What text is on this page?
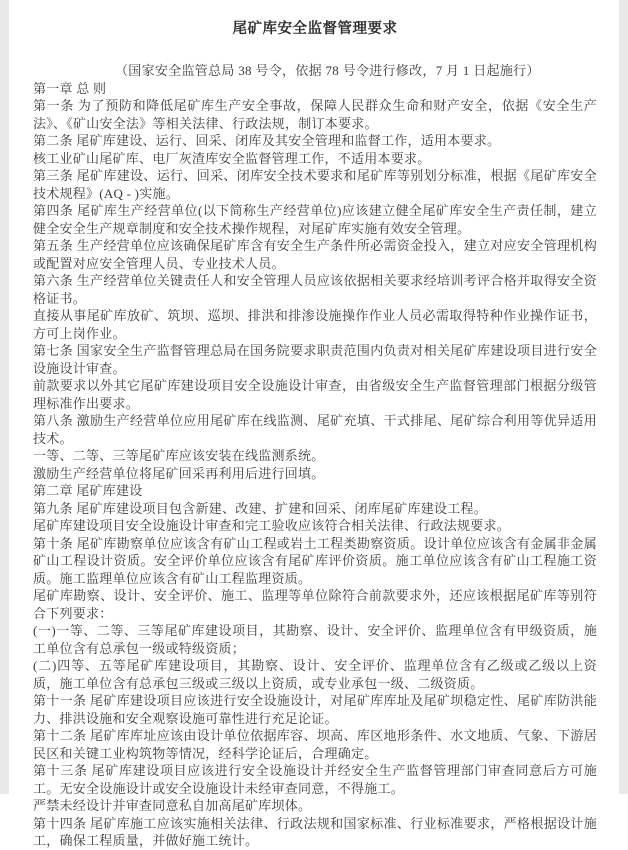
尾矿库安全监督管理要求
（国家安全监管总局 38 号令，依据 78 号令进行修改，7 月 1 日起施行）

第一章 总 则

第一条 为了预防和降低尾矿库生产安全事故，保障人民群众生命和财产安全，依据《安全生产法》、《矿山安全法》等相关法律、行政法规，制订本要求。

第二条 尾矿库建设、运行、回采、闭库及其安全管理和监督工作，适用本要求。

核工业矿山尾矿库、电厂灰渣库安全监督管理工作，不适用本要求。

第三条 尾矿库建设、运行、回采、闭库安全技术要求和尾矿库等别划分标准，根据《尾矿库安全技术规程》(AQ - )实施。

第四条 尾矿库生产经营单位(以下简称生产经营单位)应该建立健全尾矿库安全生产责任制，建立健全安全生产规章制度和安全技术操作规程，对尾矿库实施有效安全管理。

第五条 生产经营单位应该确保尾矿库含有安全生产条件所必需资金投入，建立对应安全管理机构或配置对应安全管理人员、专业技术人员。

第六条 生产经营单位关键责任人和安全管理人员应该依据相关要求经培训考评合格并取得安全资格证书。

直接从事尾矿库放矿、筑坝、巡坝、排洪和排渗设施操作作业人员必需取得特种作业操作证书，方可上岗作业。

第七条 国家安全生产监督管理总局在国务院要求职责范围内负责对相关尾矿库建设项目进行安全设施设计审查。

前款要求以外其它尾矿库建设项目安全设施设计审查，由省级安全生产监督管理部门根据分级管理标准作出要求。

第八条 激励生产经营单位应用尾矿库在线监测、尾矿充填、干式排尾、尾矿综合利用等优异适用技术。

一等、二等、三等尾矿库应该安装在线监测系统。

激励生产经营单位将尾矿回采再利用后进行回填。

第二章 尾矿库建设

第九条 尾矿库建设项目包含新建、改建、扩建和回采、闭库尾矿库建设工程。

尾矿库建设项目安全设施设计审查和完工验收应该符合相关法律、行政法规要求。

第十条 尾矿库勘察单位应该含有矿山工程或岩土工程类勘察资质。设计单位应该含有金属非金属矿山工程设计资质。安全评价单位应该含有尾矿库评价资质。施工单位应该含有矿山工程施工资质。施工监理单位应该含有矿山工程监理资质。

尾矿库勘察、设计、安全评价、施工、监理等单位除符合前款要求外，还应该根据尾矿库等别符合下列要求：

(一)一等、二等、三等尾矿库建设项目，其勘察、设计、安全评价、监理单位含有甲级资质，施工单位含有总承包一级或特级资质；

(二)四等、五等尾矿库建设项目，其勘察、设计、安全评价、监理单位含有乙级或乙级以上资质，施工单位含有总承包三级或三级以上资质，或专业承包一级、二级资质。

第十一条 尾矿库建设项目应该进行安全设施设计，对尾矿库库址及尾矿坝稳定性、尾矿库防洪能力、排洪设施和安全观察设施可靠性进行充足论证。

第十二条 尾矿库库址应该由设计单位依据库容、坝高、库区地形条件、水文地质、气象、下游居民区和关键工业构筑物等情况，经科学论证后，合理确定。

第十三条 尾矿库建设项目应该进行安全设施设计并经安全生产监督管理部门审查同意后方可施工。无安全设施设计或安全设施设计未经审查同意，不得施工。

严禁未经设计并审查同意私自加高尾矿库坝体。

第十四条 尾矿库施工应该实施相关法律、行政法规和国家标准、行业标准要求，严格根据设计施工，确保工程质量，并做好施工统计。
